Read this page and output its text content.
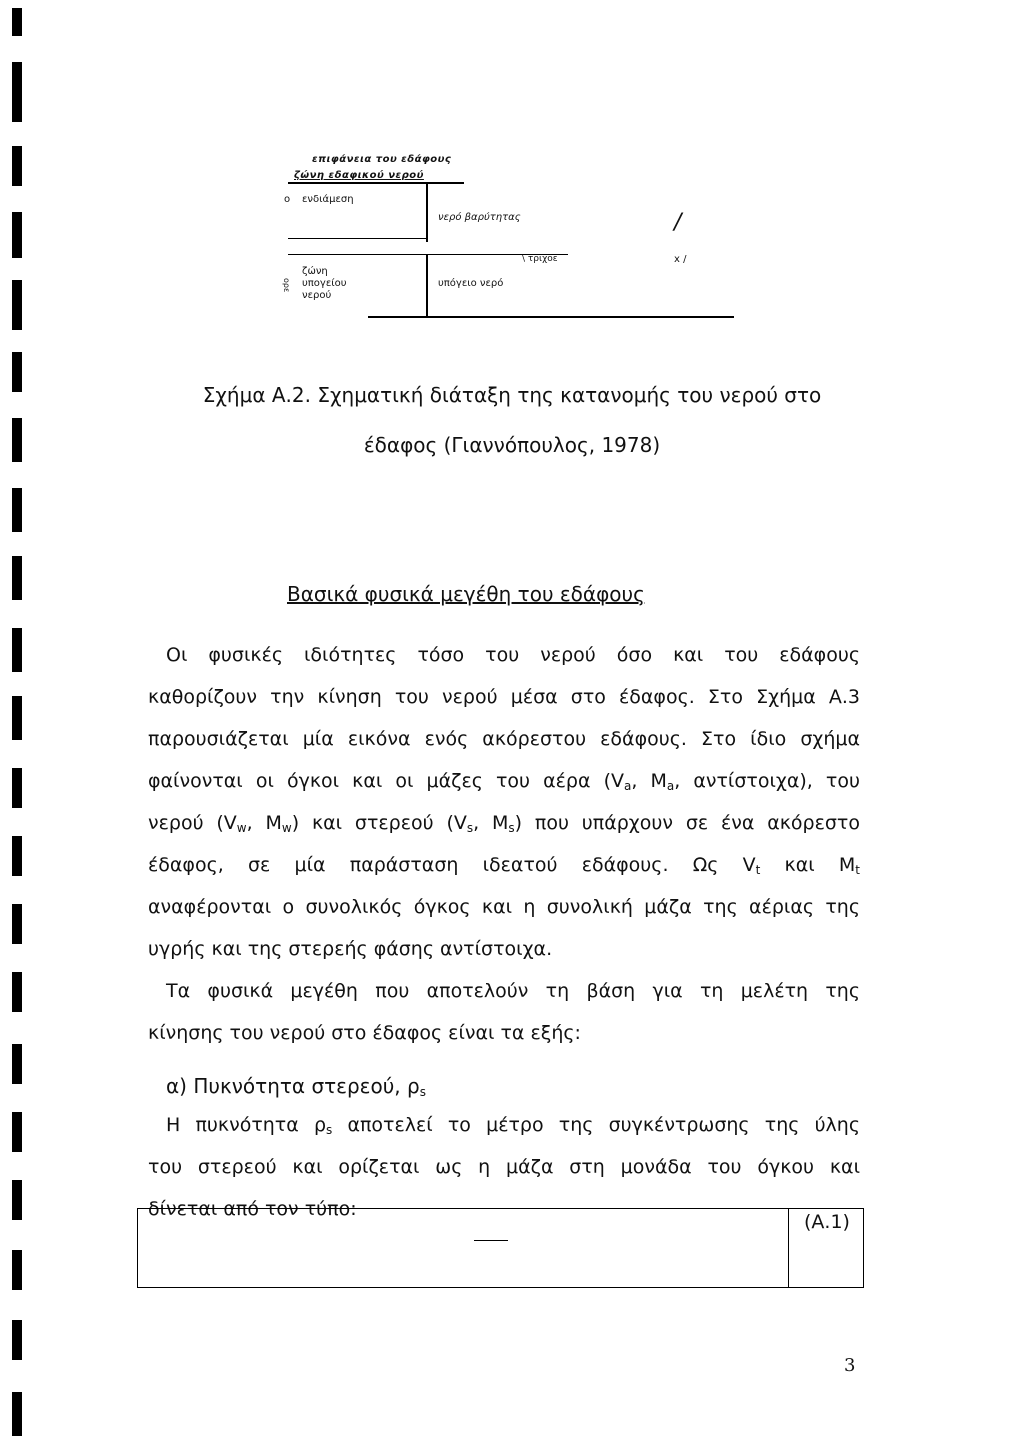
επιφάνεια του εδάφους
ζώνη εδαφικού νερού
ο ενδιάμεση
νερό βαρύτητας
\ τριχοε	x /
/
ζώνη
υπογείου
νερού
ορε	υπόγειο νερό
Σχήμα Α.2. Σχηματική διάταξη της κατανομής του νερού στο
έδαφος (Γιαννόπουλος, 1978)
Βασικά φυσικά μεγέθη του εδάφους
Οι φυσικές ιδιότητες τόσο του νερού όσο και του εδάφους
καθορίζουν την κίνηση του νερού μέσα στο έδαφος. Στο Σχήμα Α.3
παρουσιάζεται μία εικόνα ενός ακόρεστου εδάφους. Στο ίδιο σχήμα
φαίνονται οι όγκοι και οι μάζες του αέρα ($V_a$, $M_a$, αντίστοιχα), του
νερού ($V_w$, $M_w$) και στερεού ($V_s$, $M_s$) που υπάρχουν σε ένα ακόρεστο
έδαφος, σε μία παράσταση ιδεατού εδάφους. Ως $V_t$ και $M_t$
αναφέρονται ο συνολικός όγκος και η συνολική μάζα της αέριας της
υγρής και της στερεής φάσης αντίστοιχα.
Τα φυσικά μεγέθη που αποτελούν τη βάση για τη μελέτη της
κίνησης του νερού στο έδαφος είναι τα εξής:
α) Πυκνότητα στερεού, $\rho_s$
Η πυκνότητα $\rho_s$ αποτελεί το μέτρο της συγκέντρωσης της ύλης
του στερεού και ορίζεται ως η μάζα στη μονάδα του όγκου και
δίνεται από τον τύπο:
(Α.1)
3
